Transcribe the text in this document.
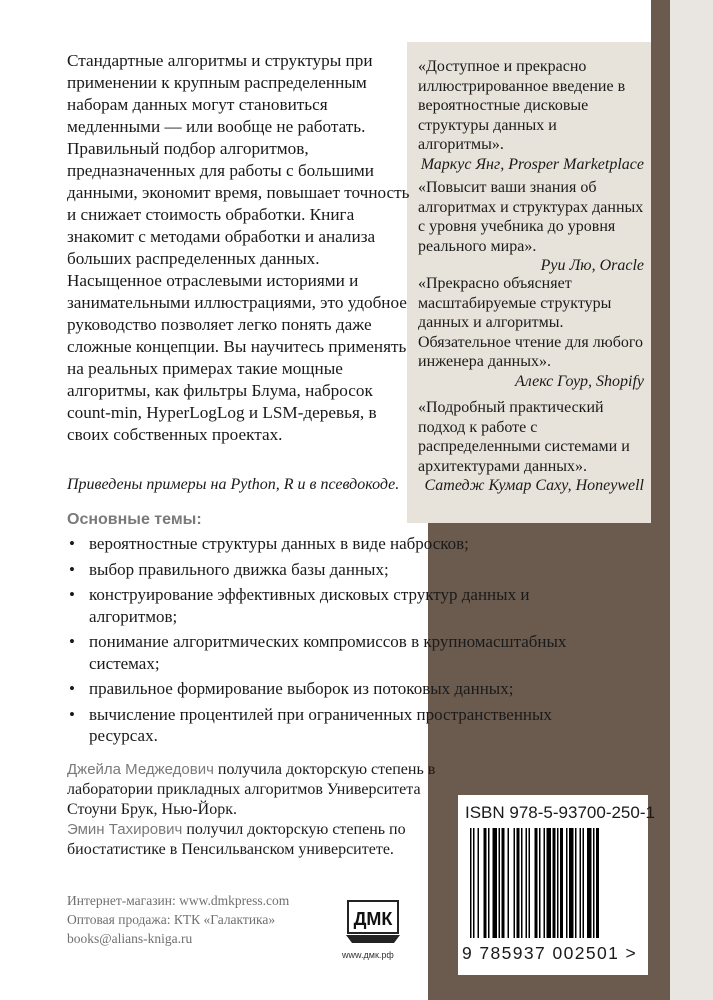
Стандартные алгоритмы и структуры при применении к крупным распределенным наборам данных могут становиться медленными — или вообще не работать. Правильный подбор алгоритмов, предназначенных для работы с большими данными, экономит время, повышает точность и снижает стоимость обработки. Книга знакомит с методами обработки и анализа больших распределенных данных. Насыщенное отраслевыми историями и занимательными иллюстрациями, это удобное руководство позволяет легко понять даже сложные концепции. Вы научитесь применять на реальных примерах такие мощные алгоритмы, как фильтры Блума, набросок count-min, HyperLogLog и LSM-деревья, в своих собственных проектах.

Приведены примеры на Python, R и в псевдокоде.

«Доступное и прекрасно иллюстрированное введение в вероятностные дисковые структуры данных и алгоритмы».

Маркус Янг, Prosper Marketplace

«Повысит ваши знания об алгоритмах и структурах данных с уровня учебника до уровня реального мира».

Руи Лю, Oracle

«Прекрасно объясняет масштабируемые структуры данных и алгоритмы. Обязательное чтение для любого инженера данных».

Алекс Гоур, Shopify

«Подробный практический подход к работе с распределенными системами и архитектурами данных».

Сатедж Кумар Саху, Honeywell

Основные темы:

• вероятностные структуры данных в виде набросков;
• выбор правильного движка базы данных;
• конструирование эффективных дисковых структур данных и алгоритмов;
• понимание алгоритмических компромиссов в крупномасштабных системах;
• правильное формирование выборок из потоковых данных;
• вычисление процентилей при ограниченных пространственных ресурсах.

Джейла Меджедович получила докторскую степень в лаборатории прикладных алгоритмов Университета Стоуни Брук, Нью-Йорк.

Эмин Тахирович получил докторскую степень по биостатистике в Пенсильванском университете.

Интернет-магазин: www.dmkpress.com
Оптовая продажа: КТК «Галактика»
books@alians-kniga.ru
ДМК
www.дмк.рф

ISBN 978-5-93700-250-1

9 785937 002501 >
